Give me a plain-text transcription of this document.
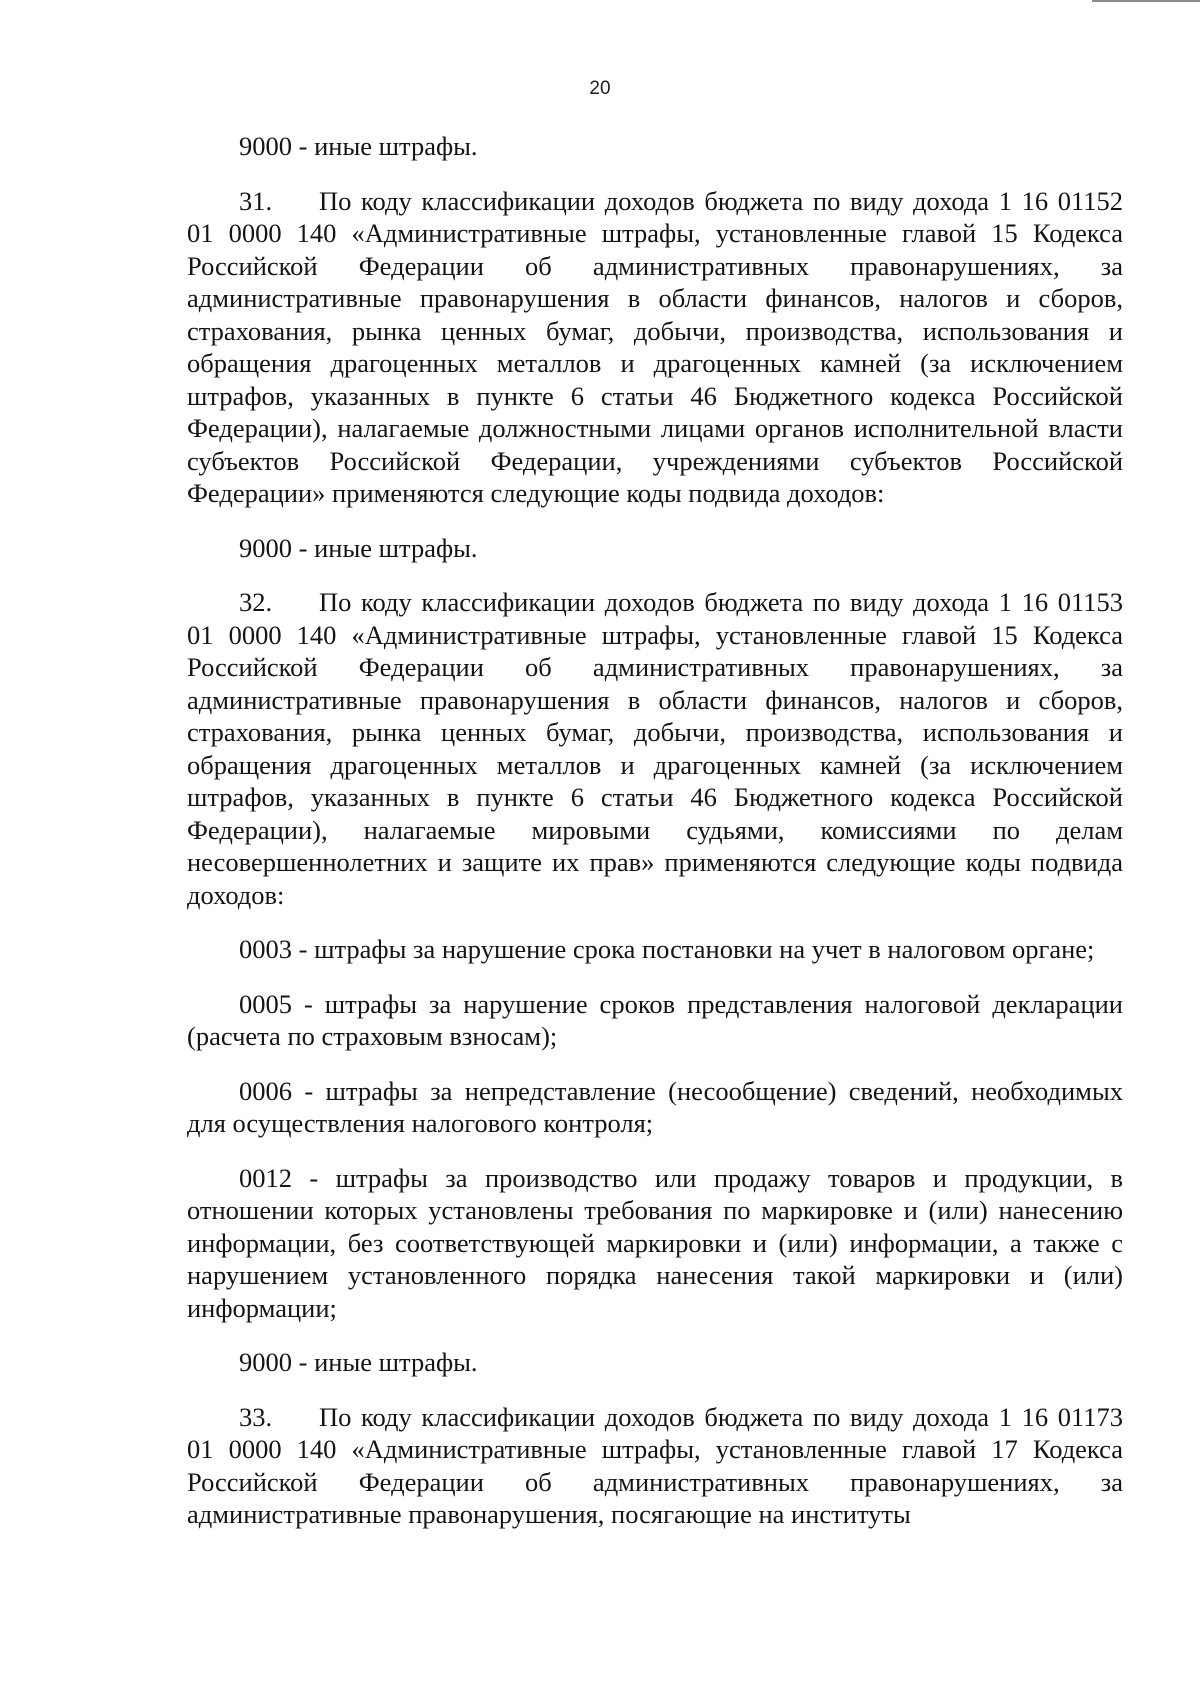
20

9000 - иные штрафы.

31. По коду классификации доходов бюджета по виду дохода 1 16 01152 01 0000 140 «Административные штрафы, установленные главой 15 Кодекса Российской Федерации об административных правонарушениях, за административные правонарушения в области финансов, налогов и сборов, страхования, рынка ценных бумаг, добычи, производства, использования и обращения драгоценных металлов и драгоценных камней (за исключением штрафов, указанных в пункте 6 статьи 46 Бюджетного кодекса Российской Федерации), налагаемые должностными лицами органов исполнительной власти субъектов Российской Федерации, учреждениями субъектов Российской Федерации» применяются следующие коды подвида доходов:

9000 - иные штрафы.

32. По коду классификации доходов бюджета по виду дохода 1 16 01153 01 0000 140 «Административные штрафы, установленные главой 15 Кодекса Российской Федерации об административных правонарушениях, за административные правонарушения в области финансов, налогов и сборов, страхования, рынка ценных бумаг, добычи, производства, использования и обращения драгоценных металлов и драгоценных камней (за исключением штрафов, указанных в пункте 6 статьи 46 Бюджетного кодекса Российской Федерации), налагаемые мировыми судьями, комиссиями по делам несовершеннолетних и защите их прав» применяются следующие коды подвида доходов:

0003 - штрафы за нарушение срока постановки на учет в налоговом органе;

0005 - штрафы за нарушение сроков представления налоговой декларации (расчета по страховым взносам);

0006 - штрафы за непредставление (несообщение) сведений, необходимых для осуществления налогового контроля;

0012 - штрафы за производство или продажу товаров и продукции, в отношении которых установлены требования по маркировке и (или) нанесению информации, без соответствующей маркировки и (или) информации, а также с нарушением установленного порядка нанесения такой маркировки и (или) информации;

9000 - иные штрафы.

33. По коду классификации доходов бюджета по виду дохода 1 16 01173 01 0000 140 «Административные штрафы, установленные главой 17 Кодекса Российской Федерации об административных правонарушениях, за административные правонарушения, посягающие на институты
